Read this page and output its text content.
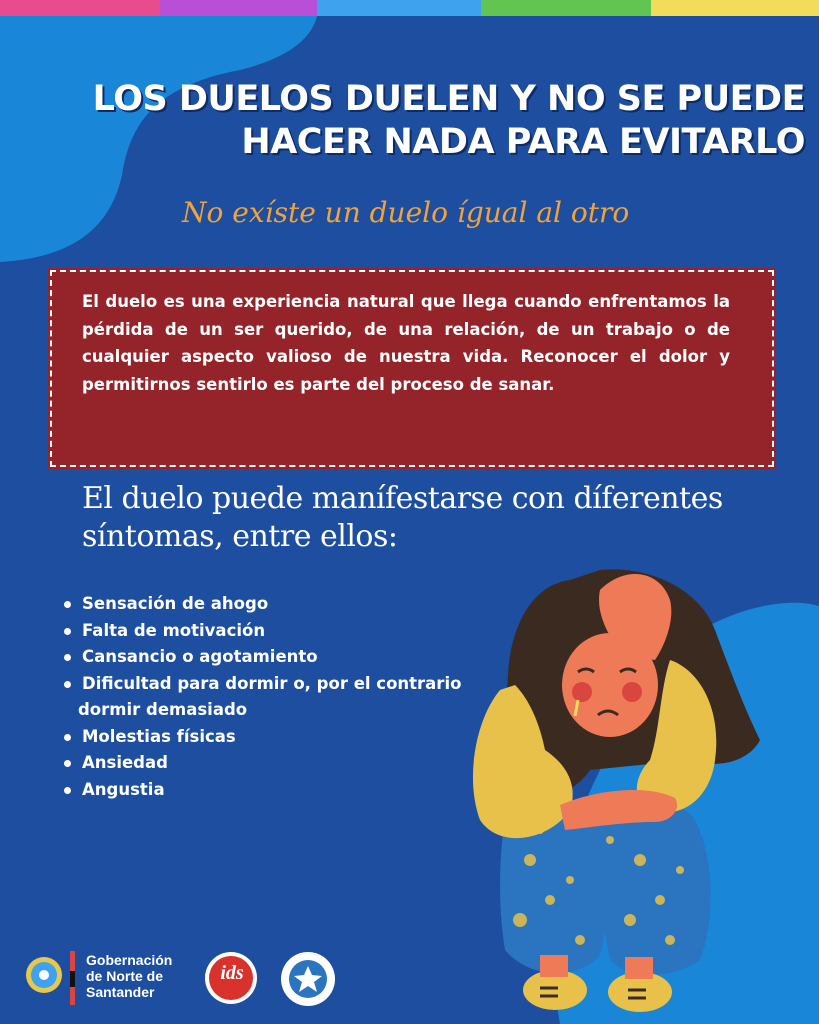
LOS DUELOS DUELEN Y NO SE PUEDE
HACER NADA PARA EVITARLO
No exíste un duelo ígual al otro

El duelo es una experiencia natural que llega cuando enfrentamos la pérdida de un ser querido, de una relación, de un trabajo o de cualquier aspecto valioso de nuestra vida. Reconocer el dolor y permitirnos sentirlo es parte del proceso de sanar.

El duelo puede manífestarse con díferentes
síntomas, entre ellos:
Sensación de ahogo
Falta de motivación
Cansancio o agotamiento
Dificultad para dormir o, por el contrario
dormir demasiado
Molestias físicas
Ansiedad
Angustia
ids
Gobernación
de Norte de
Santander
